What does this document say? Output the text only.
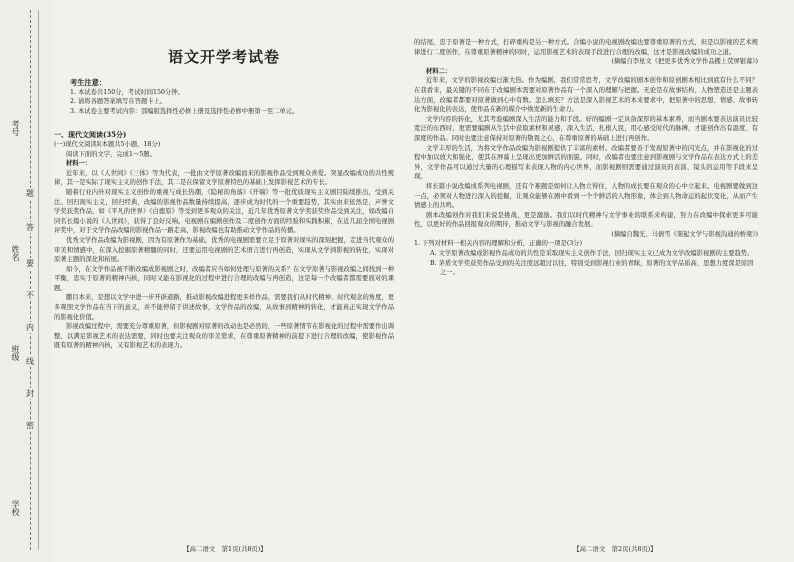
考号
姓名
班级
学校
题
答
要
不
内
线
封
密
语文开学考试卷
考生注意：
1. 本试卷共150分，考试时间150分钟。
2. 请将各题答案填写在答题卡上。
3. 本试卷主要考试内容：部编版选择性必修上册及选择性必修中册第一至二单元。
一、现代文阅读(35分)
(一)现代文阅读Ⅰ(本题共5小题，18分)
阅读下面的文字，完成1～5题。
材料一：

近年来，以《人世间》《三体》等为代表，一批由文学原著改编而来的影视作品受到观众喜爱。突显改编成功的共性规律，其一是实际了现实主义的创作手法，其二是在保留文学原著特色的基础上发挥影视艺术的专长。

随着行业内外对现实主义创作的重视与成长热潮，《隐秘的角落》《开端》等一批优质现实主义剧目陆续推出，受到关注。回归现实主义，回归经典，改编的影视作品数量持续提高，逐步成为时代的一个重要趋势，其实由来依然是，声誉文学奖获奖作品，如《平凡的世界》《白鹿原》等受到更多观众的关注，近几年优秀原著文学奖获奖作品受到关注，如改编自同名长篇小说的《人世间》，获得了良好反响。电视剧在编剧创作及二度创作方面的经验和实践积累，在近几届全国电视剧评奖中，对于文学作品改编的影视作品一路走高，影视改编也有助推动文学作品的传播。

优秀文学作品改编为影视剧，因为有原著作为基础，优秀的电视剧需要立足于原著对现实的深刻把握，走进当代观众的审美和情感中，在深入挖掘原著精髓的同时，还要运用电视剧的艺术语言进行再创造，实现从文学到影视的转化，实现对原著主题的深化和拓展。

如今，在文学作品被不断改编成影视剧之时，改编者应当如何处理与原著的关系？在文学原著与影视改编之间找到一种平衡，忠实于原著的精神内核，同时又能在影视化的过程中进行合理的改编与再创造，这是每一个改编者都需要面对的课题。

鹏目本来，是想以文学中进一步开辟道路，推动影视改编进程更多样作品，需要我们从时代精神、时代观念的角度，更多观照文学作品在当下的意义，并不能停留于讲述故事，文学作品的改编，从故事到精神的转化，才能真正实现文学作品的影视化价值。

影视改编过程中，需要充分尊重原著，但影视剧对原著的改动也是必然的，一些原著情节在影视化的过程中需要作出调整，以满足影视艺术的表达需要，同时也要关注观众的审美需求，在尊重原著精神的前提下进行合理的改编，使影视作品既有原著的精神内核，又有影视艺术的表现力。

【高二语文　第1页(共8页)】

的结尾，忠于原著是一种方式，打碎重构是另一种方式。合编小说的电视剧改编也要尊重原著的方式，但是以影视的艺术规律进行二度创作，在尊重原著精神的同时，运用影视艺术的表现手段进行合理的改编，这才是影视改编的成功之道。

(摘编自李星文《把更多优秀文学作品搬上荧屏银幕》)

材料二：

近年来，文学的影视改编日渐大热。作为编剧，我们常常思考，文学改编的剧本创作和原创剧本相比到底有什么不同？在我看来，最关键的不同在于改编剧本需要对原著作品有一个深入的理解与把握。无论是在故事结构、人物塑造还是主题表达方面，改编者都要对原著做到心中有数。怎么填充？方法是深入影视艺术的本来要求中，把原著中的思想、情感、故事转化为影视化的表达，使作品在新的媒介中焕发新的生命力。

文学内容的转化，尤其考验编剧深入生活的能力和手段。好的编剧一定具备深厚的基本素养，而当剧本要表达演员比较宽泛的东西时，更需要编剧从生活中获取素材和灵感，深入生活，扎根人民，用心感受时代的脉搏，才能创作出有温度、有深度的作品。同时也要注意保持对原著的敬畏之心，在尊重原著的基础上进行再创作。

文学丰厚的生活，为将文学作品改编为影视剧提供了丰富的素材。改编者要善于发现原著中的闪光点，并在影视化的过程中加以放大和强化，使其在屏幕上呈现出更加鲜活的面貌。同时，改编者也要注意到影视剧与文学作品在表达方式上的差异，文学作品可以通过大量的心理描写来表现人物的内心世界，而影视剧则需要通过演员的表演、镜头的运用等手段来呈现。

将长篇小说改编成系列电视剧，还有个难题是如何让人物立得住，人物的成长要在观众的心中立起来。电视剧要做到这一点，必须对人物进行深入的挖掘，让观众能够在剧中看到一个个鲜活的人物形象，体会到人物命运的起伏变化，从而产生情感上的共鸣。

剧本改编创作对我们来说是挑战，更是激励。我们以时代精神与文学事业的联系来构建，努力在改编中探索更多可能性，以更好的作品回报观众的期待，推动文学与影视的融合发展。

(摘编自魏光、马倩雪《架起文学与影视沟通的桥梁》)

1. 下列对材料一相关内容的理解和分析，正确的一项是(3分)

A. 文学原著改编成影视作品成功的共性是采取现实主义创作手法，回归现实主义已成为文学改编影视剧的主要趋势。

B. 茅盾文学奖获奖作品受到的关注度远超过以往，特别受到影视行业的青睐，原著的文学品质高、思想力度深是原因之一。

【高二语文　第2页(共8页)】
